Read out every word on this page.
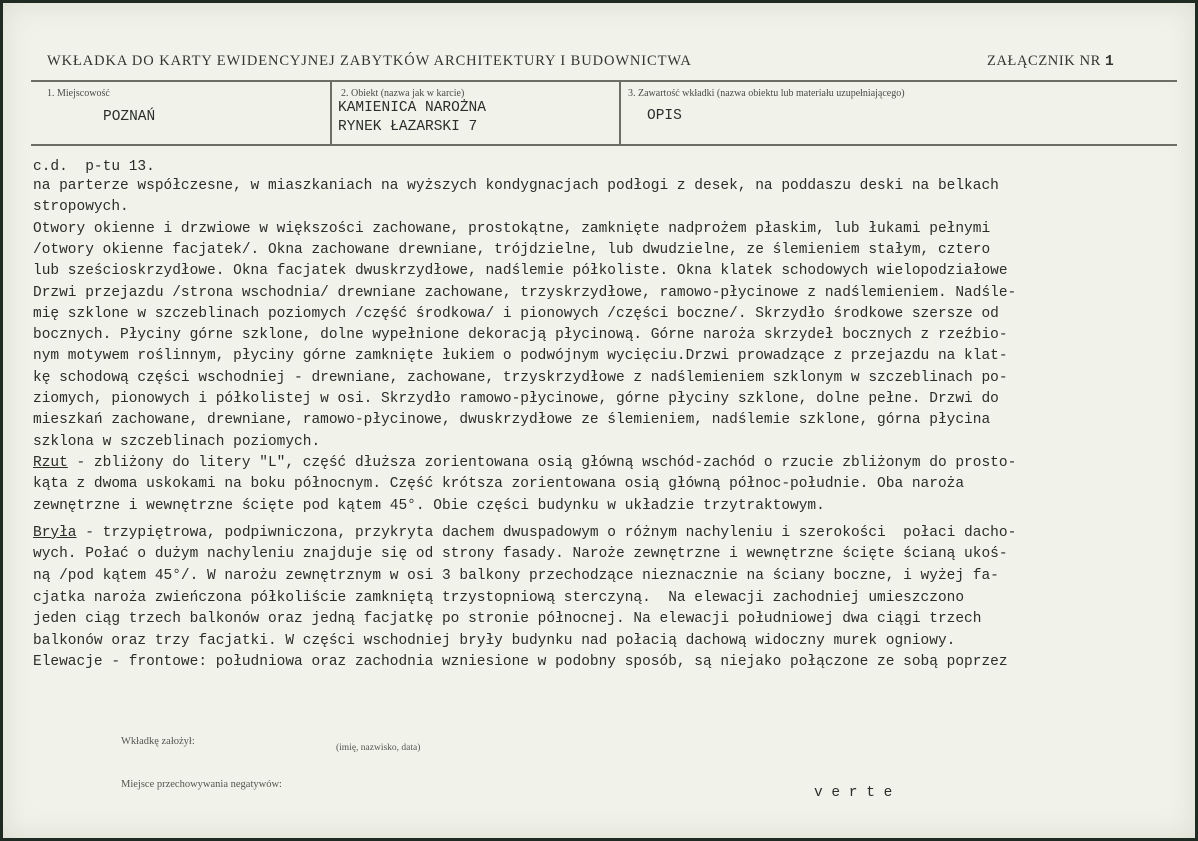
WKŁADKA DO KARTY EWIDENCYJNEJ ZABYTKÓW ARCHITEKTURY I BUDOWNICTWA	ZAŁĄCZNIK NR 1
1. Miejscowość
POZNAŃ
2. Obiekt (nazwa jak w karcie)
KAMIENICA NAROŻNA
RYNEK ŁAZARSKI 7
3. Zawartość wkładki (nazwa obiektu lub materiału uzupełniającego)
OPIS
c.d.  p-tu 13.
na parterze współczesne, w miaszkaniach na wyższych kondygnacjach podłogi z desek, na poddaszu deski na belkach
stropowych.
Otwory okienne i drzwiowe w większości zachowane, prostokątne, zamknięte nadprożem płaskim, lub łukami pełnymi
/otwory okienne facjatek/. Okna zachowane drewniane, trójdzielne, lub dwudzielne, ze ślemieniem stałym, cztero
lub sześcioskrzydłowe. Okna facjatek dwuskrzydłowe, nadślemie półkoliste. Okna klatek schodowych wielopodziałowe
Drzwi przejazdu /strona wschodnia/ drewniane zachowane, trzyskrzydłowe, ramowo-płycinowe z nadślemieniem. Nadśle-
mię szklone w szczeblinach poziomych /część środkowa/ i pionowych /części boczne/. Skrzydło środkowe szersze od
bocznych. Płyciny górne szklone, dolne wypełnione dekoracją płycinową. Górne naroża skrzydeł bocznych z rzeźbio-
nym motywem roślinnym, płyciny górne zamknięte łukiem o podwójnym wycięciu.Drzwi prowadzące z przejazdu na klat-
kę schodową części wschodniej - drewniane, zachowane, trzyskrzydłowe z nadślemieniem szklonym w szczeblinach po-
ziomych, pionowych i półkolistej w osi. Skrzydło ramowo-płycinowe, górne płyciny szklone, dolne pełne. Drzwi do
mieszkań zachowane, drewniane, ramowo-płycinowe, dwuskrzydłowe ze ślemieniem, nadślemie szklone, górna płycina
szklona w szczeblinach poziomych.
Rzut - zbliżony do litery "L", część dłuższa zorientowana osią główną wschód-zachód o rzucie zbliżonym do prosto-
kąta z dwoma uskokami na boku północnym. Część krótsza zorientowana osią główną północ-południe. Oba naroża
zewnętrzne i wewnętrzne ścięte pod kątem 45°. Obie części budynku w układzie trzytraktowym.
Bryła - trzypiętrowa, podpiwniczona, przykryta dachem dwuspadowym o różnym nachyleniu i szerokości  połaci dacho-
wych. Połać o dużym nachyleniu znajduje się od strony fasady. Naroże zewnętrzne i wewnętrzne ścięte ścianą ukoś-
ną /pod kątem 45°/. W narożu zewnętrznym w osi 3 balkony przechodzące nieznacznie na ściany boczne, i wyżej fa-
cjatka naroża zwieńczona półkoliście zamkniętą trzystopniową sterczyną.  Na elewacji zachodniej umieszczono
jeden ciąg trzech balkonów oraz jedną facjatkę po stronie północnej. Na elewacji południowej dwa ciągi trzech
balkonów oraz trzy facjatki. W części wschodniej bryły budynku nad połacią dachową widoczny murek ogniowy.
Elewacje - frontowe: południowa oraz zachodnia wzniesione w podobny sposób, są niejako połączone ze sobą poprzez
Wkładkę założył:
(imię, nazwisko, data)
Miejsce przechowywania negatywów:
v e r t e
